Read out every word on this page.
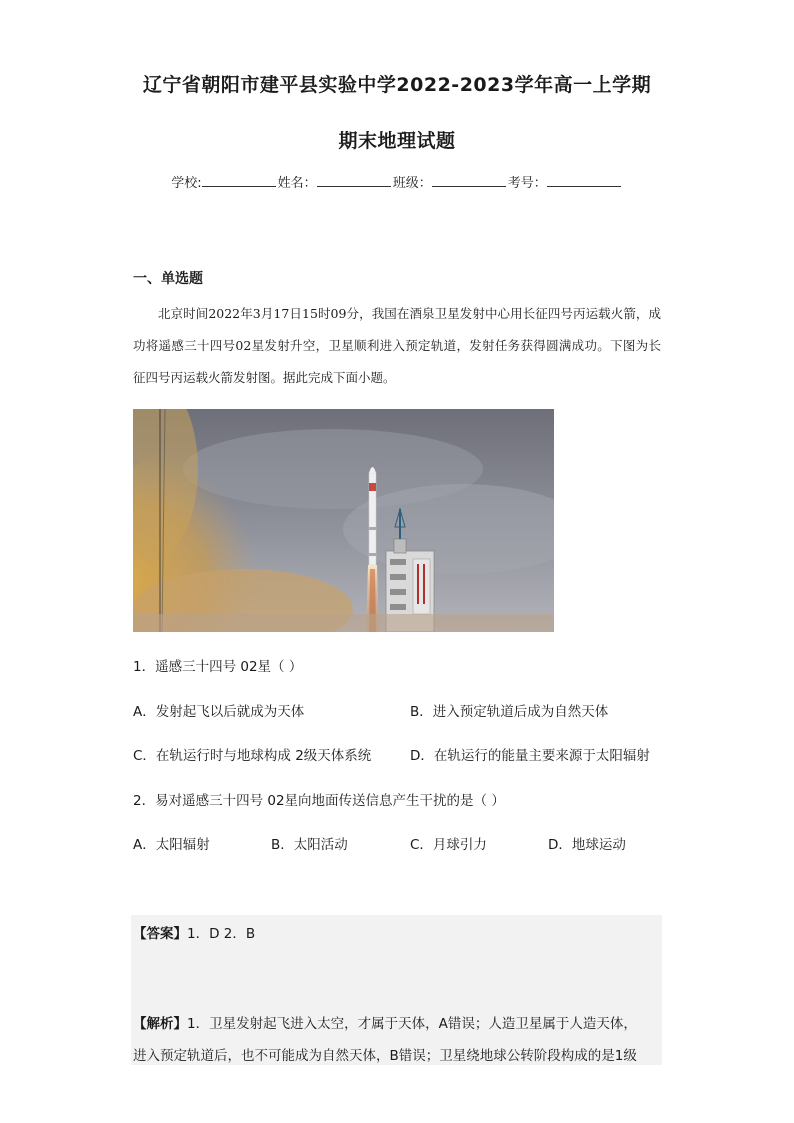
辽宁省朝阳市建平县实验中学2022-2023学年高一上学期
期末地理试题
学校:	姓名：	班级：	考号：
一、单选题
北京时间2022年3月17日15时09分，我国在酒泉卫星发射中心用长征四号丙运载火箭，成功将遥感三十四号02星发射升空，卫星顺利进入预定轨道，发射任务获得圆满成功。下图为长征四号丙运载火箭发射图。据此完成下面小题。
1．遥感三十四号 02星（ ）
A．发射起飞以后就成为天体	B．进入预定轨道后成为自然天体
C．在轨运行时与地球构成 2级天体系统	D．在轨运行的能量主要来源于太阳辐射
2．易对遥感三十四号 02星向地面传送信息产生干扰的是（ ）
A．太阳辐射	B．太阳活动	C．月球引力	D．地球运动
【答案】1．D 2．B
【解析】1．卫星发射起飞进入太空，才属于天体，A错误；人造卫星属于人造天体，
进入预定轨道后，也不可能成为自然天体，B错误；卫星绕地球公转阶段构成的是1级
